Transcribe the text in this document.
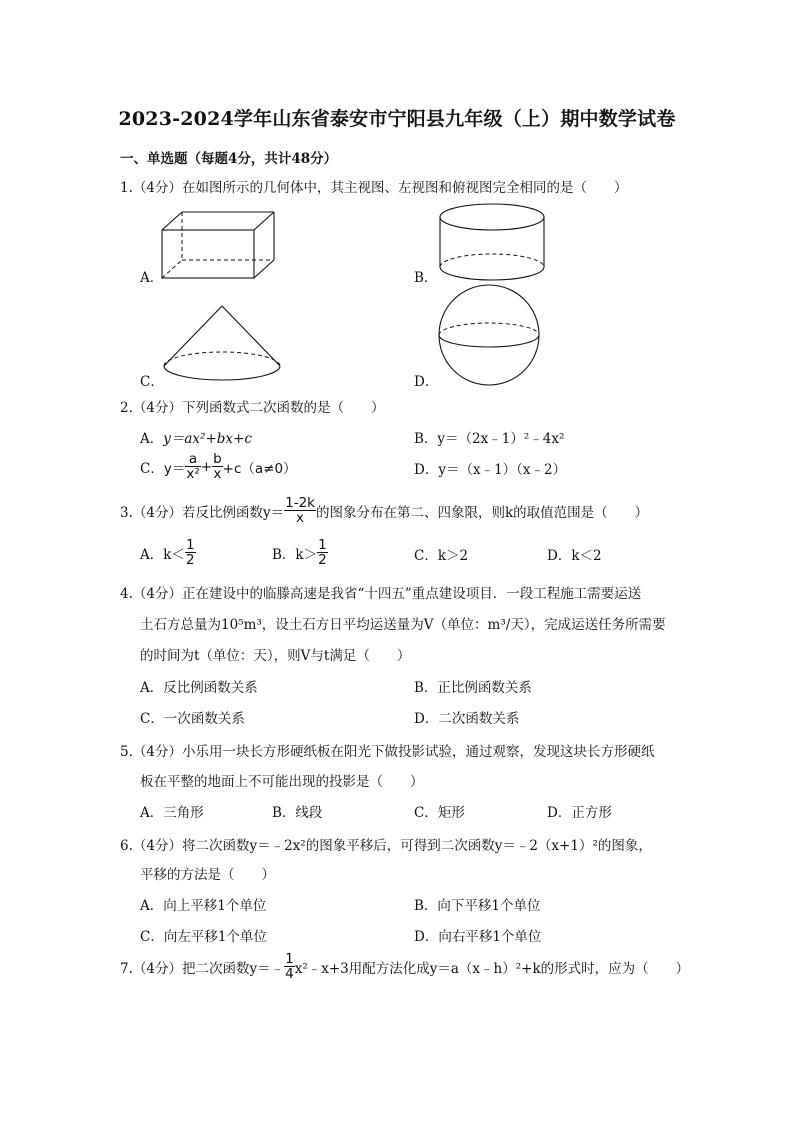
2023-2024学年山东省泰安市宁阳县九年级（上）期中数学试卷
一、单选题（每题4分，共计48分）
1.（4分）在如图所示的几何体中，其主视图、左视图和俯视图完全相同的是（　　）
A．	B．
C．	D．
2.（4分）下列函数式二次函数的是（　　）
A．y＝ax²+bx+c	B．y＝（2x﹣1）²﹣4x²
C． $y= \frac{a}{\text{x²}} + \frac{b}{x} +c(a\ne 0)$	D．y＝（x﹣1）（x﹣2）
3.（4分）若反比例函数$y= \frac{1-2k}{x}$ 的图象分布在第二、四象限，则k的取值范围是（　　）
A． $k< \frac{1}{2}$	B． $k> \frac{1}{2}$	C．k＞2	D．k＜2
4.（4分）正在建设中的临滕高速是我省“十四五”重点建设项目．一段工程施工需要运送
土石方总量为10⁵m³，设土石方日平均运送量为V（单位：m³/天），完成运送任务所需要
的时间为t（单位：天），则V与t满足（　　）
A．反比例函数关系	B．正比例函数关系
C．一次函数关系	D．二次函数关系
5.（4分）小乐用一块长方形硬纸板在阳光下做投影试验，通过观察，发现这块长方形硬纸
板在平整的地面上不可能出现的投影是（　　）
A．三角形	B．线段	C．矩形	D．正方形
6.（4分）将二次函数y＝﹣2x²的图象平移后，可得到二次函数y＝﹣2（x+1）²的图象，
平移的方法是（　　）
A．向上平移1个单位	B．向下平移1个单位
C．向左平移1个单位	D．向右平移1个单位
7.（4分）把二次函数y＝﹣ $\frac{1}{4}$ x²﹣x+3用配方法化成y＝a（x﹣h）²+k的形式时，应为（　　）
